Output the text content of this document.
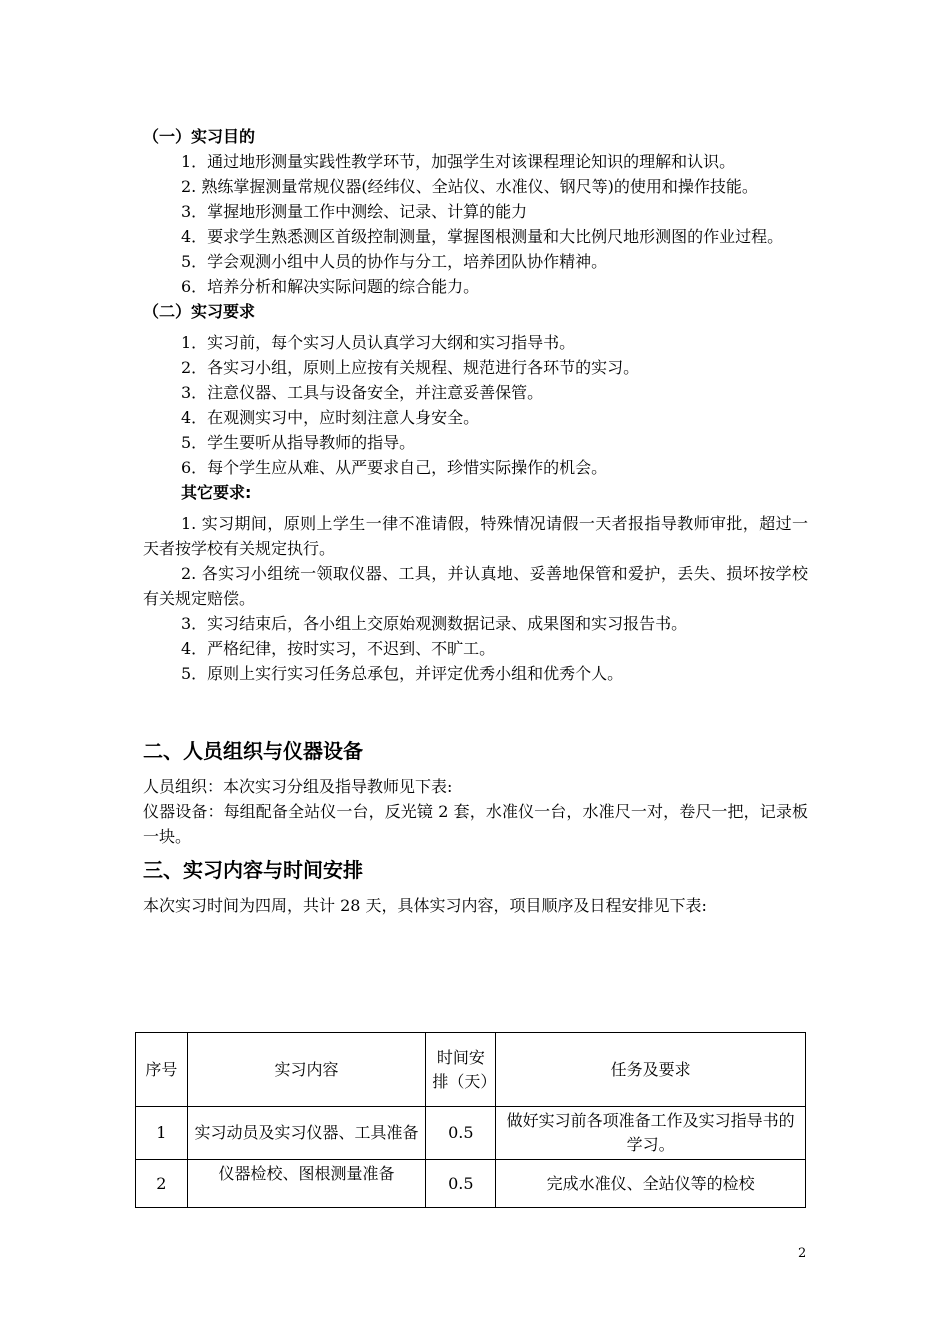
（一）实习目的
1．通过地形测量实践性教学环节，加强学生对该课程理论知识的理解和认识。
2. 熟练掌握测量常规仪器(经纬仪、全站仪、水准仪、钢尺等)的使用和操作技能。
3．掌握地形测量工作中测绘、记录、计算的能力
4．要求学生熟悉测区首级控制测量，掌握图根测量和大比例尺地形测图的作业过程。
5．学会观测小组中人员的协作与分工，培养团队协作精神。
6．培养分析和解决实际问题的综合能力。
（二）实习要求
1．实习前，每个实习人员认真学习大纲和实习指导书。
2．各实习小组，原则上应按有关规程、规范进行各环节的实习。
3．注意仪器、工具与设备安全，并注意妥善保管。
4．在观测实习中，应时刻注意人身安全。
5．学生要听从指导教师的指导。
6．每个学生应从难、从严要求自己，珍惜实际操作的机会。
其它要求:
1. 实习期间，原则上学生一律不准请假，特殊情况请假一天者报指导教师审批，超过一天者按学校有关规定执行。
2. 各实习小组统一领取仪器、工具，并认真地、妥善地保管和爱护，丢失、损坏按学校有关规定赔偿。
3．实习结束后，各小组上交原始观测数据记录、成果图和实习报告书。
4．严格纪律，按时实习，不迟到、不旷工。
5．原则上实行实习任务总承包，并评定优秀小组和优秀个人。
二、人员组织与仪器设备
人员组织：本次实习分组及指导教师见下表:
仪器设备：每组配备全站仪一台，反光镜 2 套，水准仪一台，水准尺一对，卷尺一把，记录板一块。
三、实习内容与时间安排
本次实习时间为四周，共计 28 天，具体实习内容，项目顺序及日程安排见下表:
序号	实习内容	时间安排（天）	任务及要求
1	实习动员及实习仪器、工具准备	0.5	做好实习前各项准备工作及实习指导书的学习。
2	仪器检校、图根测量准备	0.5	完成水准仪、全站仪等的检校
2
